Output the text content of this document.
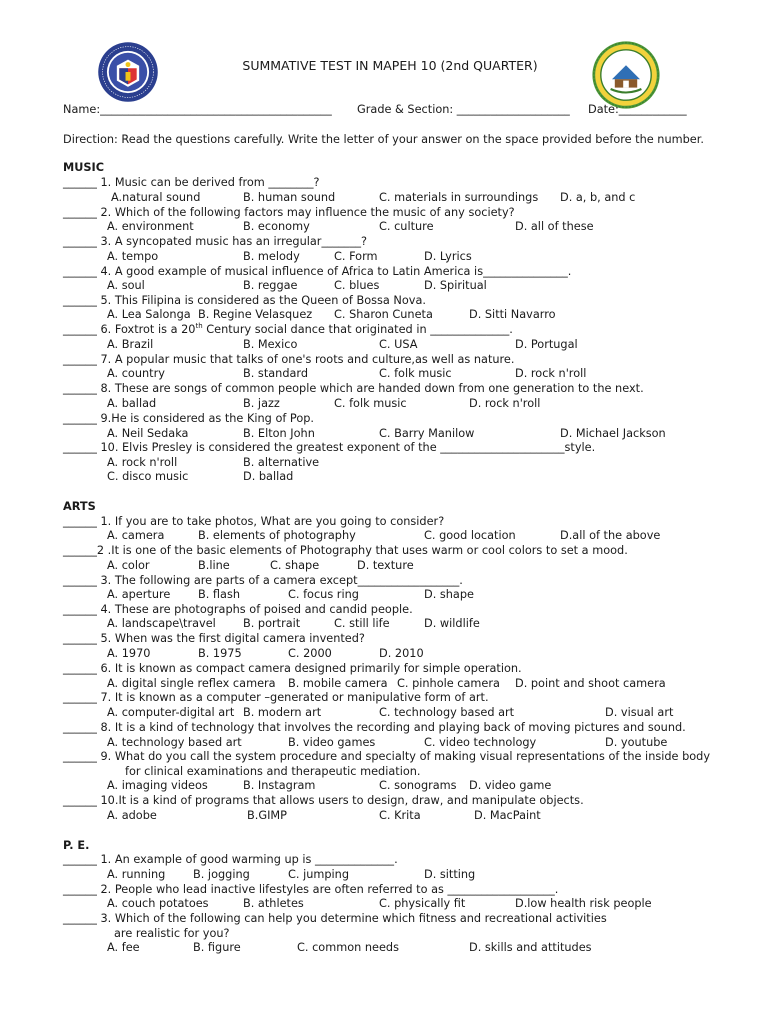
SUMMATIVE TEST IN MAPEH 10 (2nd QUARTER)
Name:_________________________________________ Grade & Section: ____________________ Date:____________
Direction: Read the questions carefully. Write the letter of your answer on the space provided before the number.
MUSIC
______ 1. Music can be derived from ________?
A.natural sound	B. human sound	C. materials in surroundings D. a, b, and c
______ 2. Which of the following factors may influence the music of any society?
A. environment	B. economy	C. culture	D. all of these
______ 3. A syncopated music has an irregular_______?
A. tempo	B. melody	C. Form	D. Lyrics
______ 4. A good example of musical influence of Africa to Latin America is_______________.
A. soul	B. reggae	C. blues	D. Spiritual
______ 5. This Filipina is considered as the Queen of Bossa Nova.
A. Lea Salonga B. Regine Velasquez C. Sharon Cuneta	D. Sitti Navarro
______ 6. Foxtrot is a 20th Century social dance that originated in ______________.
A. Brazil	B. Mexico	C. USA	D. Portugal
______ 7. A popular music that talks of one's roots and culture,as well as nature.
A. country	B. standard	C. folk music	D. rock n'roll
______ 8. These are songs of common people which are handed down from one generation to the next.
A. ballad	B. jazz	C. folk music	D. rock n'roll
______ 9.He is considered as the King of Pop.
A. Neil Sedaka	B. Elton John	C. Barry Manilow	D. Michael Jackson
______ 10. Elvis Presley is considered the greatest exponent of the ______________________style.
A. rock n'roll	B. alternative
C. disco music	D. ballad
ARTS
______ 1. If you are to take photos, What are you going to consider?
A. camera	B. elements of photography	C. good location	D.all of the above
______2 .It is one of the basic elements of Photography that uses warm or cool colors to set a mood.
A. color	B.line	C. shape	D. texture
______ 3. The following are parts of a camera except__________________.
A. aperture B. flash	C. focus ring	D. shape
______ 4. These are photographs of poised and candid people.
A. landscape\travel B. portrait	C. still life	D. wildlife
______ 5. When was the first digital camera invented?
A. 1970	B. 1975	C. 2000	D. 2010
______ 6. It is known as compact camera designed primarily for simple operation.
A. digital single reflex camera B. mobile camera C. pinhole camera D. point and shoot camera
______ 7. It is known as a computer –generated or manipulative form of art.
A. computer-digital art B. modern art	C. technology based art	D. visual art
______ 8. It is a kind of technology that involves the recording and playing back of moving pictures and sound.
A. technology based art	B. video games	C. video technology	D. youtube
______ 9. What do you call the system procedure and specialty of making visual representations of the inside body
for clinical examinations and therapeutic mediation.
A. imaging videos	B. Instagram	C. sonograms D. video game
______ 10.It is a kind of programs that allows users to design, draw, and manipulate objects.
A. adobe	B.GIMP	C. Krita	D. MacPaint
P. E.
______ 1. An example of good warming up is ______________.
A. running B. jogging	C. jumping	D. sitting
______ 2. People who lead inactive lifestyles are often referred to as ___________________.
A. couch potatoes	B. athletes	C. physically fit	D.low health risk people
______ 3. Which of the following can help you determine which fitness and recreational activities
are realistic for you?
A. fee	B. figure	C. common needs	D. skills and attitudes
